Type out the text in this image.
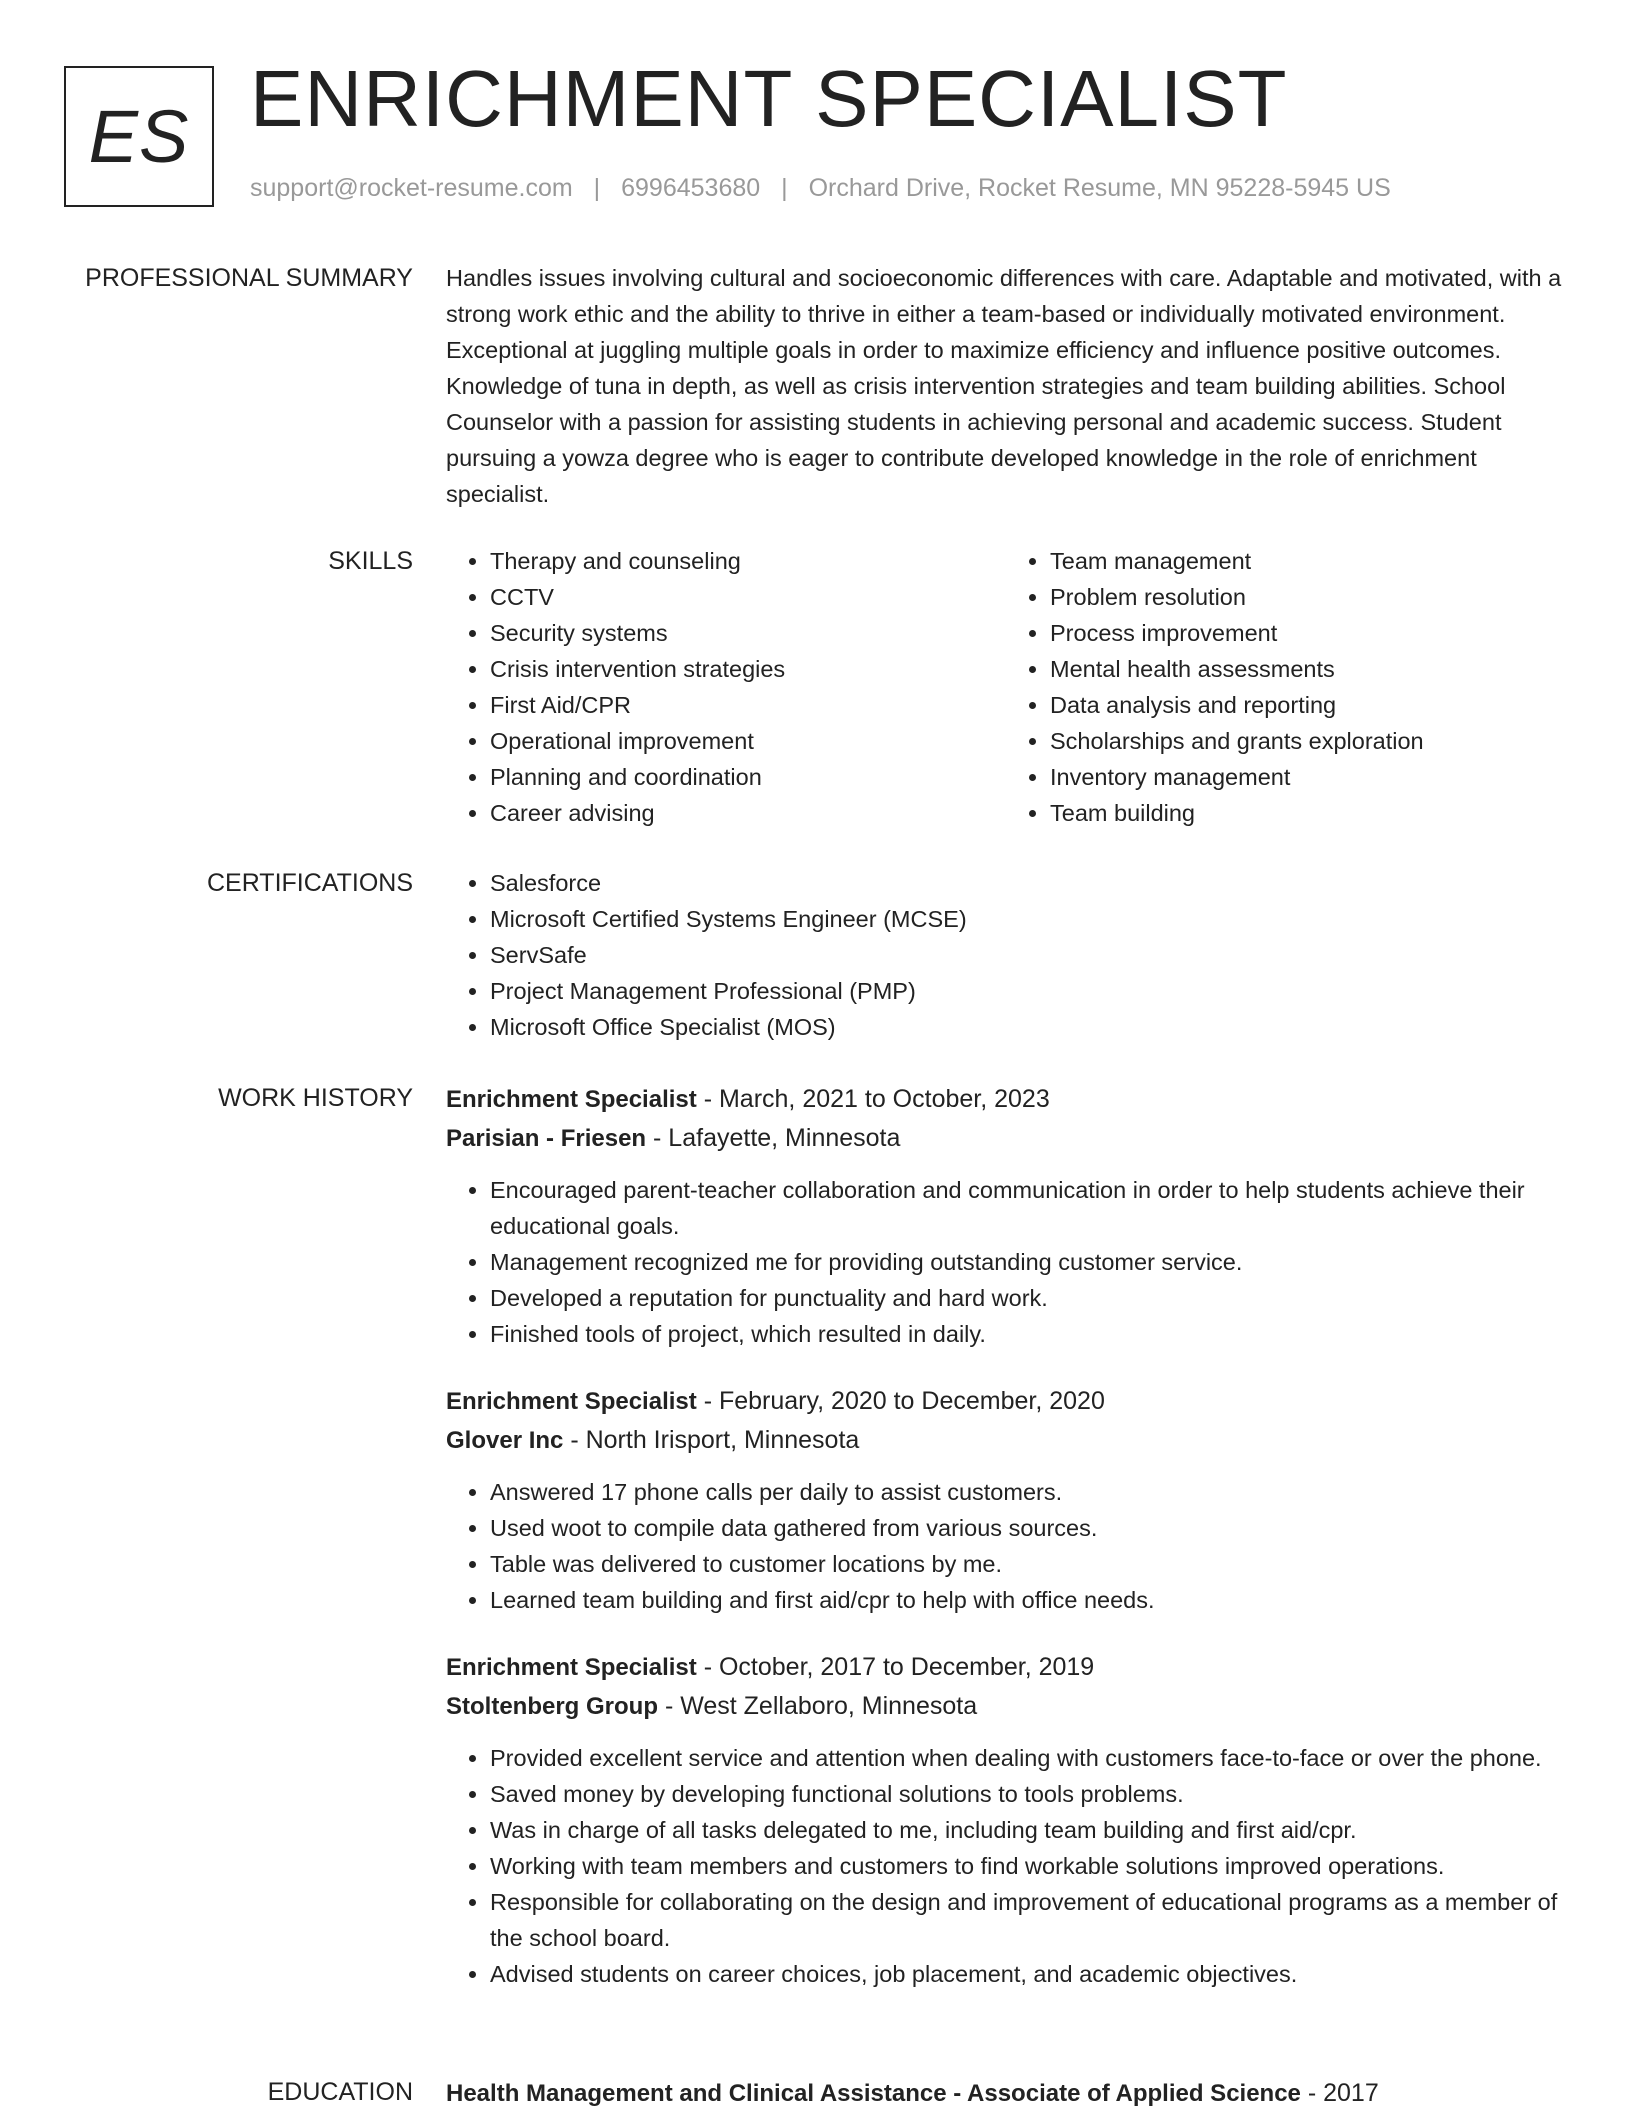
ES ENRICHMENT SPECIALIST
support@rocket-resume.com | 6996453680 | Orchard Drive, Rocket Resume, MN 95228-5945 US
PROFESSIONAL SUMMARY Handles issues involving cultural and socioeconomic differences with care. Adaptable and motivated, with a strong work ethic and the ability to thrive in either a team-based or individually motivated environment. Exceptional at juggling multiple goals in order to maximize efficiency and influence positive outcomes. Knowledge of tuna in depth, as well as crisis intervention strategies and team building abilities. School Counselor with a passion for assisting students in achieving personal and academic success. Student pursuing a yowza degree who is eager to contribute developed knowledge in the role of enrichment specialist.

SKILLS	• Therapy and counseling
• CCTV
• Security systems
• Crisis intervention strategies
• First Aid/CPR
• Operational improvement
• Planning and coordination
• Career advising
• Team management
• Problem resolution
• Process improvement
• Mental health assessments
• Data analysis and reporting
• Scholarships and grants exploration
• Inventory management
• Team building
CERTIFICATIONS	• Salesforce
• Microsoft Certified Systems Engineer (MCSE)
• ServSafe
• Project Management Professional (PMP)
• Microsoft Office Specialist (MOS)
WORK HISTORY Enrichment Specialist - March, 2021 to October, 2023
Parisian - Friesen - Lafayette, Minnesota
• Encouraged parent-teacher collaboration and communication in order to help students achieve their educational goals.
• Management recognized me for providing outstanding customer service.
• Developed a reputation for punctuality and hard work.
• Finished tools of project, which resulted in daily.
Enrichment Specialist - February, 2020 to December, 2020
Glover Inc - North Irisport, Minnesota
• Answered 17 phone calls per daily to assist customers.
• Used woot to compile data gathered from various sources.
• Table was delivered to customer locations by me.
• Learned team building and first aid/cpr to help with office needs.
Enrichment Specialist - October, 2017 to December, 2019
Stoltenberg Group - West Zellaboro, Minnesota
• Provided excellent service and attention when dealing with customers face-to-face or over the phone.
• Saved money by developing functional solutions to tools problems.
• Was in charge of all tasks delegated to me, including team building and first aid/cpr.
• Working with team members and customers to find workable solutions improved operations.
• Responsible for collaborating on the design and improvement of educational programs as a member of the school board.
• Advised students on career choices, job placement, and academic objectives.
EDUCATION Health Management and Clinical Assistance - Associate of Applied Science - 2017
